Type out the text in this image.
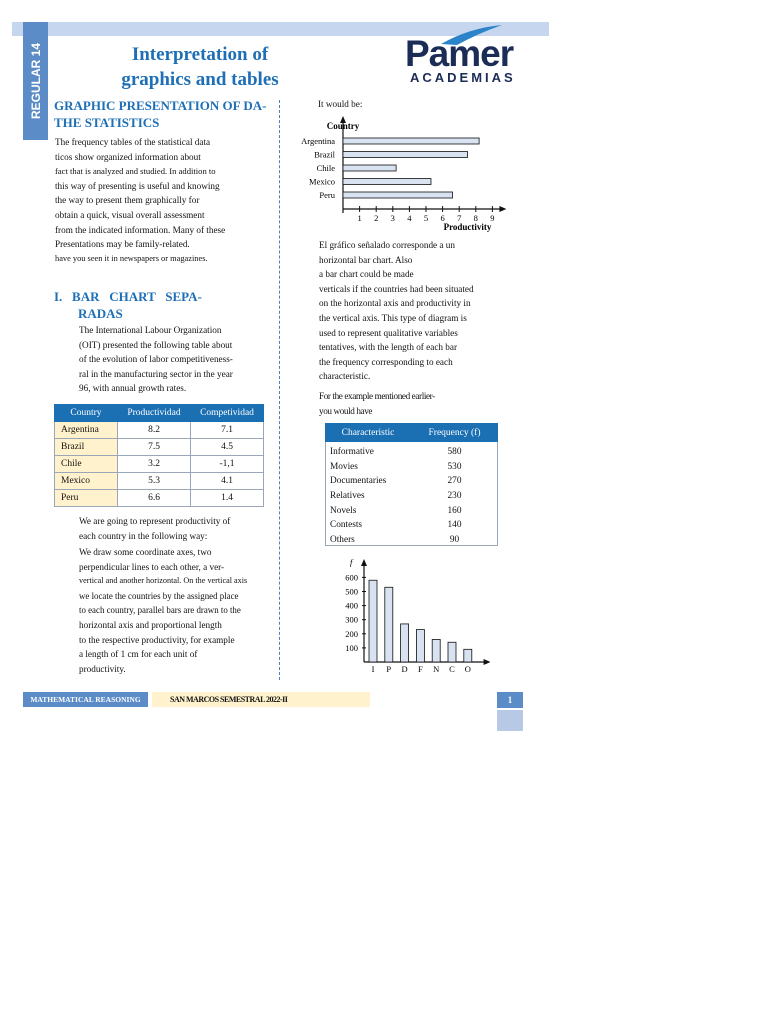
REGULAR 14	Interpretation of
graphics and tables
Pamer
ACADEMIAS
GRAPHIC PRESENTATION OF DA-
THE STATISTICS
The frequency tables of the statistical data
ticos show organized information about
fact that is analyzed and studied. In addition to
this way of presenting is useful and knowing
the way to present them graphically for
obtain a quick, visual overall assessment
from the indicated information. Many of these
Presentations may be family-related.
have you seen it in newspapers or magazines.
I.   BAR   CHART   SEPA-
RADAS
The International Labour Organization
(OIT) presented the following table about
of the evolution of labor competitiveness-
ral in the manufacturing sector in the year
96, with annual growth rates.
Country	Productividad	Competividad
Argentina	8.2	7.1
Brazil	7.5	4.5
Chile	3.2	-1,1
Mexico	5.3	4.1
Peru	6.6	1.4
We are going to represent productivity of
each country in the following way:
We draw some coordinate axes, two
perpendicular lines to each other, a ver-
vertical and another horizontal. On the vertical axis
we locate the countries by the assigned place
to each country, parallel bars are drawn to the
horizontal axis and proportional length
to the respective productivity, for example
a length of 1 cm for each unit of
productivity.
It would be:
Country
Productivity
1 2 3 4 5 6 7 8 9
Argentina
Brazil
Chile
Mexico
Peru
El gráfico señalado corresponde a un
horizontal bar chart. Also
a bar chart could be made
verticals if the countries had been situated
on the horizontal axis and productivity in
the vertical axis. This type of diagram is
used to represent qualitative variables
tentatives, with the length of each bar
the frequency corresponding to each
characteristic.
For the example mentioned earlier-
you would have
Characteristic	Frequency (f)
Informative	580
Movies	530
Documentaries	270
Relatives	230
Novels	160
Contests	140
Others	90
f
100
200
300
400
500
600
I P D F N C O
MATHEMATICAL REASONING	SAN MARCOS SEMESTRAL 2022-II	1
